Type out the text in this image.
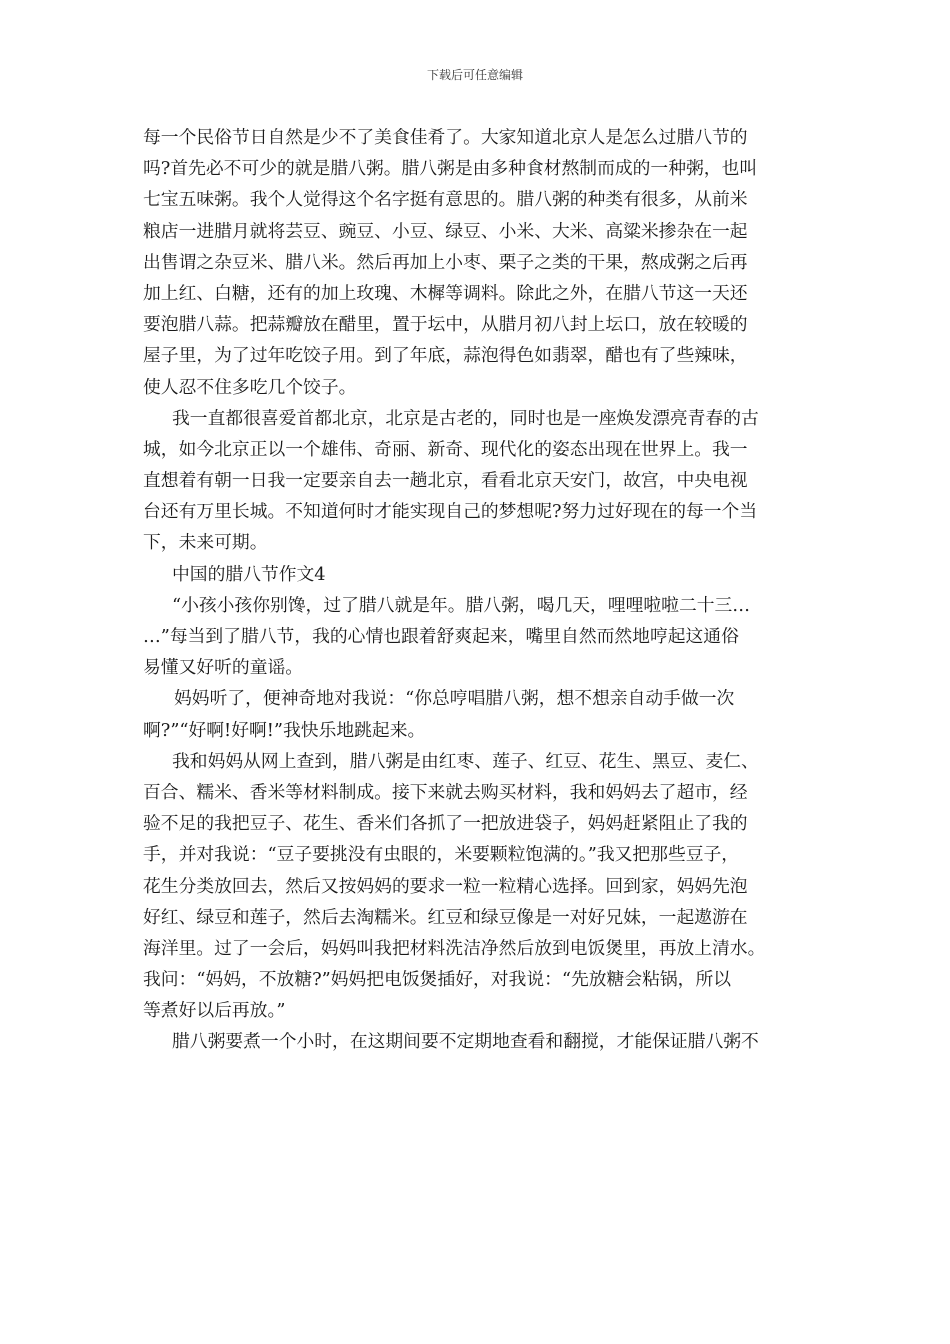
下载后可任意编辑
每一个民俗节日自然是少不了美食佳肴了。大家知道北京人是怎么过腊八节的
吗?首先必不可少的就是腊八粥。腊八粥是由多种食材熬制而成的一种粥，也叫
七宝五味粥。我个人觉得这个名字挺有意思的。腊八粥的种类有很多，从前米
粮店一进腊月就将芸豆、豌豆、小豆、绿豆、小米、大米、高粱米掺杂在一起
出售谓之杂豆米、腊八米。然后再加上小枣、栗子之类的干果，熬成粥之后再
加上红、白糖，还有的加上玫瑰、木樨等调料。除此之外，在腊八节这一天还
要泡腊八蒜。把蒜瓣放在醋里，置于坛中，从腊月初八封上坛口，放在较暖的
屋子里，为了过年吃饺子用。到了年底，蒜泡得色如翡翠，醋也有了些辣味，
使人忍不住多吃几个饺子。
我一直都很喜爱首都北京，北京是古老的，同时也是一座焕发漂亮青春的古
城，如今北京正以一个雄伟、奇丽、新奇、现代化的姿态出现在世界上。我一
直想着有朝一日我一定要亲自去一趟北京，看看北京天安门，故宫，中央电视
台还有万里长城。不知道何时才能实现自己的梦想呢?努力过好现在的每一个当
下，未来可期。
中国的腊八节作文4
“小孩小孩你别馋，过了腊八就是年。腊八粥，喝几天，哩哩啦啦二十三…
…”每当到了腊八节，我的心情也跟着舒爽起来，嘴里自然而然地哼起这通俗
易懂又好听的童谣。
妈妈听了，便神奇地对我说：“你总哼唱腊八粥，想不想亲自动手做一次
啊?”“好啊!好啊!”我快乐地跳起来。
我和妈妈从网上查到，腊八粥是由红枣、莲子、红豆、花生、黑豆、麦仁、
百合、糯米、香米等材料制成。接下来就去购买材料，我和妈妈去了超市，经
验不足的我把豆子、花生、香米们各抓了一把放进袋子，妈妈赶紧阻止了我的
手，并对我说：“豆子要挑没有虫眼的，米要颗粒饱满的。”我又把那些豆子，
花生分类放回去，然后又按妈妈的要求一粒一粒精心选择。回到家，妈妈先泡
好红、绿豆和莲子，然后去淘糯米。红豆和绿豆像是一对好兄妹，一起遨游在
海洋里。过了一会后，妈妈叫我把材料洗洁净然后放到电饭煲里，再放上清水。
我问：“妈妈，不放糖?”妈妈把电饭煲插好，对我说：“先放糖会粘锅，所以
等煮好以后再放。”
腊八粥要煮一个小时，在这期间要不定期地查看和翻搅，才能保证腊八粥不
